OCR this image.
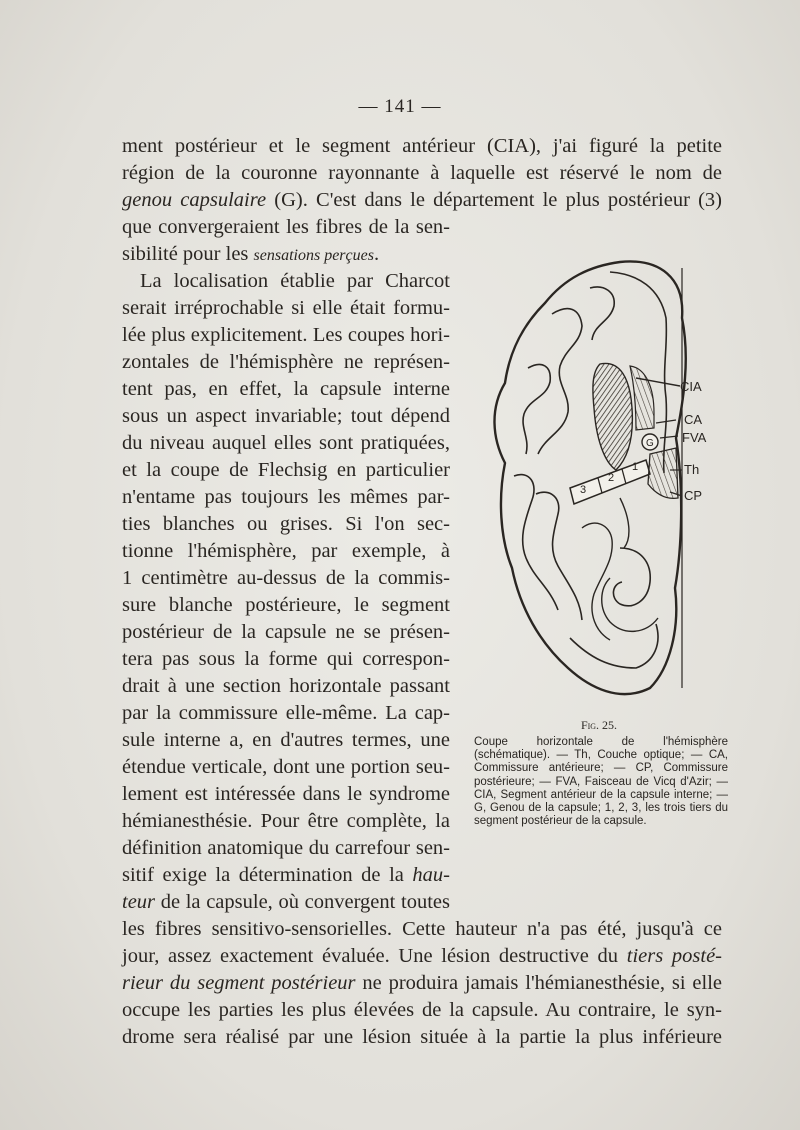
— 141 —
ment postérieur et le segment antérieur (CIA), j'ai figuré la petite
région de la couronne rayonnante à laquelle est réservé le nom de
genou capsulaire (G). C'est dans le département le plus postérieur (3)
que convergeraient les fibres de la sen-
sibilité pour les sensations perçues.
La localisation établie par Charcot
serait irréprochable si elle était formu-
lée plus explicitement. Les coupes hori-
zontales de l'hémisphère ne représen-
tent pas, en effet, la capsule interne
sous un aspect invariable; tout dépend
du niveau auquel elles sont pratiquées,
et la coupe de Flechsig en particulier
n'entame pas toujours les mêmes par-
ties blanches ou grises. Si l'on sec-
tionne l'hémisphère, par exemple, à
1 centimètre au-dessus de la commis-
sure blanche postérieure, le segment
postérieur de la capsule ne se présen-
tera pas sous la forme qui correspon-
drait à une section horizontale passant
par la commissure elle-même. La cap-
sule interne a, en d'autres termes, une
étendue verticale, dont une portion seu-
lement est intéressée dans le syndrome
hémianesthésie. Pour être complète, la
définition anatomique du carrefour sen-
sitif exige la détermination de la hau-
teur de la capsule, où convergent toutes
les fibres sensitivo-sensorielles. Cette hauteur n'a pas été, jusqu'à ce
jour, assez exactement évaluée. Une lésion destructive du tiers posté-
rieur du segment postérieur ne produira jamais l'hémianesthésie, si elle
occupe les parties les plus élevées de la capsule. Au contraire, le syn-
drome sera réalisé par une lésion située à la partie la plus inférieure
CIA
CA
FVA
Th
CP
G
1
2
3
Fig. 25.
Coupe horizontale de l'hémisphère (schématique). — Th, Couche optique; — CA, Commissure antérieure; — CP, Commissure postérieure; — FVA, Faisceau de Vicq d'Azir; — CIA, Segment antérieur de la capsule interne; — G, Genou de la capsule; 1, 2, 3, les trois tiers du segment postérieur de la capsule.
